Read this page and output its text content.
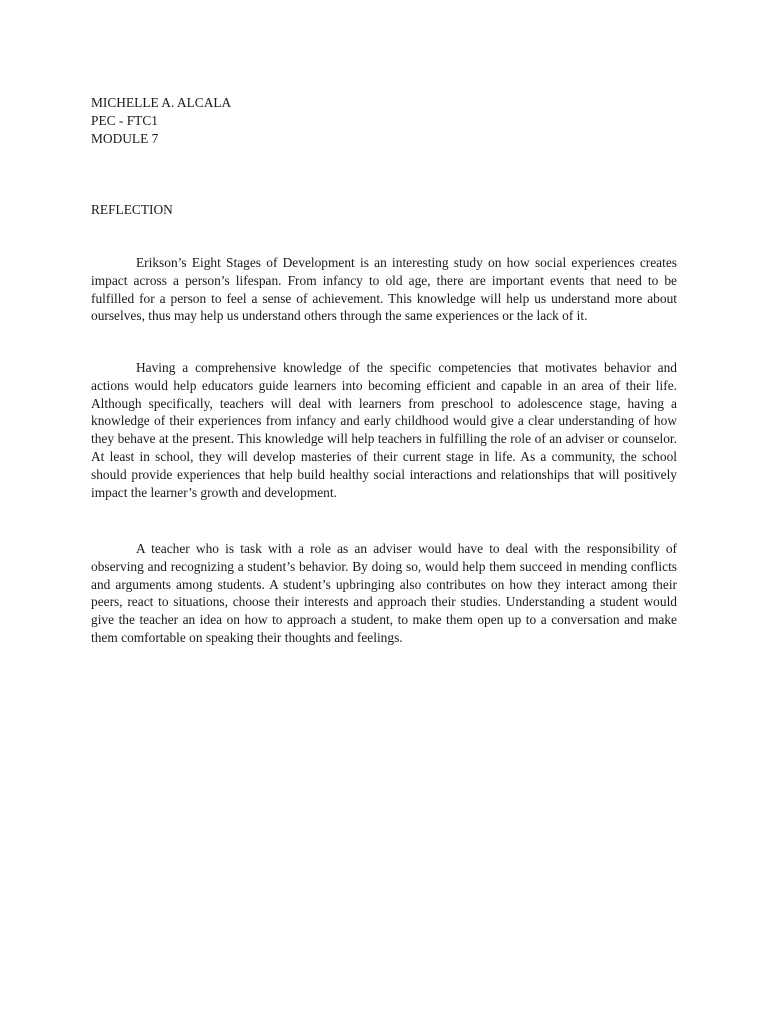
MICHELLE A. ALCALA
PEC - FTC1
MODULE 7
REFLECTION

Erikson’s Eight Stages of Development is an interesting study on how social experiences creates impact across a person’s lifespan. From infancy to old age, there are important events that need to be fulfilled for a person to feel a sense of achievement. This knowledge will help us understand more about ourselves, thus may help us understand others through the same experiences or the lack of it.

Having a comprehensive knowledge of the specific competencies that motivates behavior and actions would help educators guide learners into becoming efficient and capable in an area of their life. Although specifically, teachers will deal with learners from preschool to adolescence stage, having a knowledge of their experiences from infancy and early childhood would give a clear understanding of how they behave at the present. This knowledge will help teachers in fulfilling the role of an adviser or counselor. At least in school, they will develop masteries of their current stage in life. As a community, the school should provide experiences that help build healthy social interactions and relationships that will positively impact the learner’s growth and development.

A teacher who is task with a role as an adviser would have to deal with the responsibility of observing and recognizing a student’s behavior. By doing so, would help them succeed in mending conflicts and arguments among students. A student’s upbringing also contributes on how they interact among their peers, react to situations, choose their interests and approach their studies. Understanding a student would give the teacher an idea on how to approach a student, to make them open up to a conversation and make them comfortable on speaking their thoughts and feelings.
